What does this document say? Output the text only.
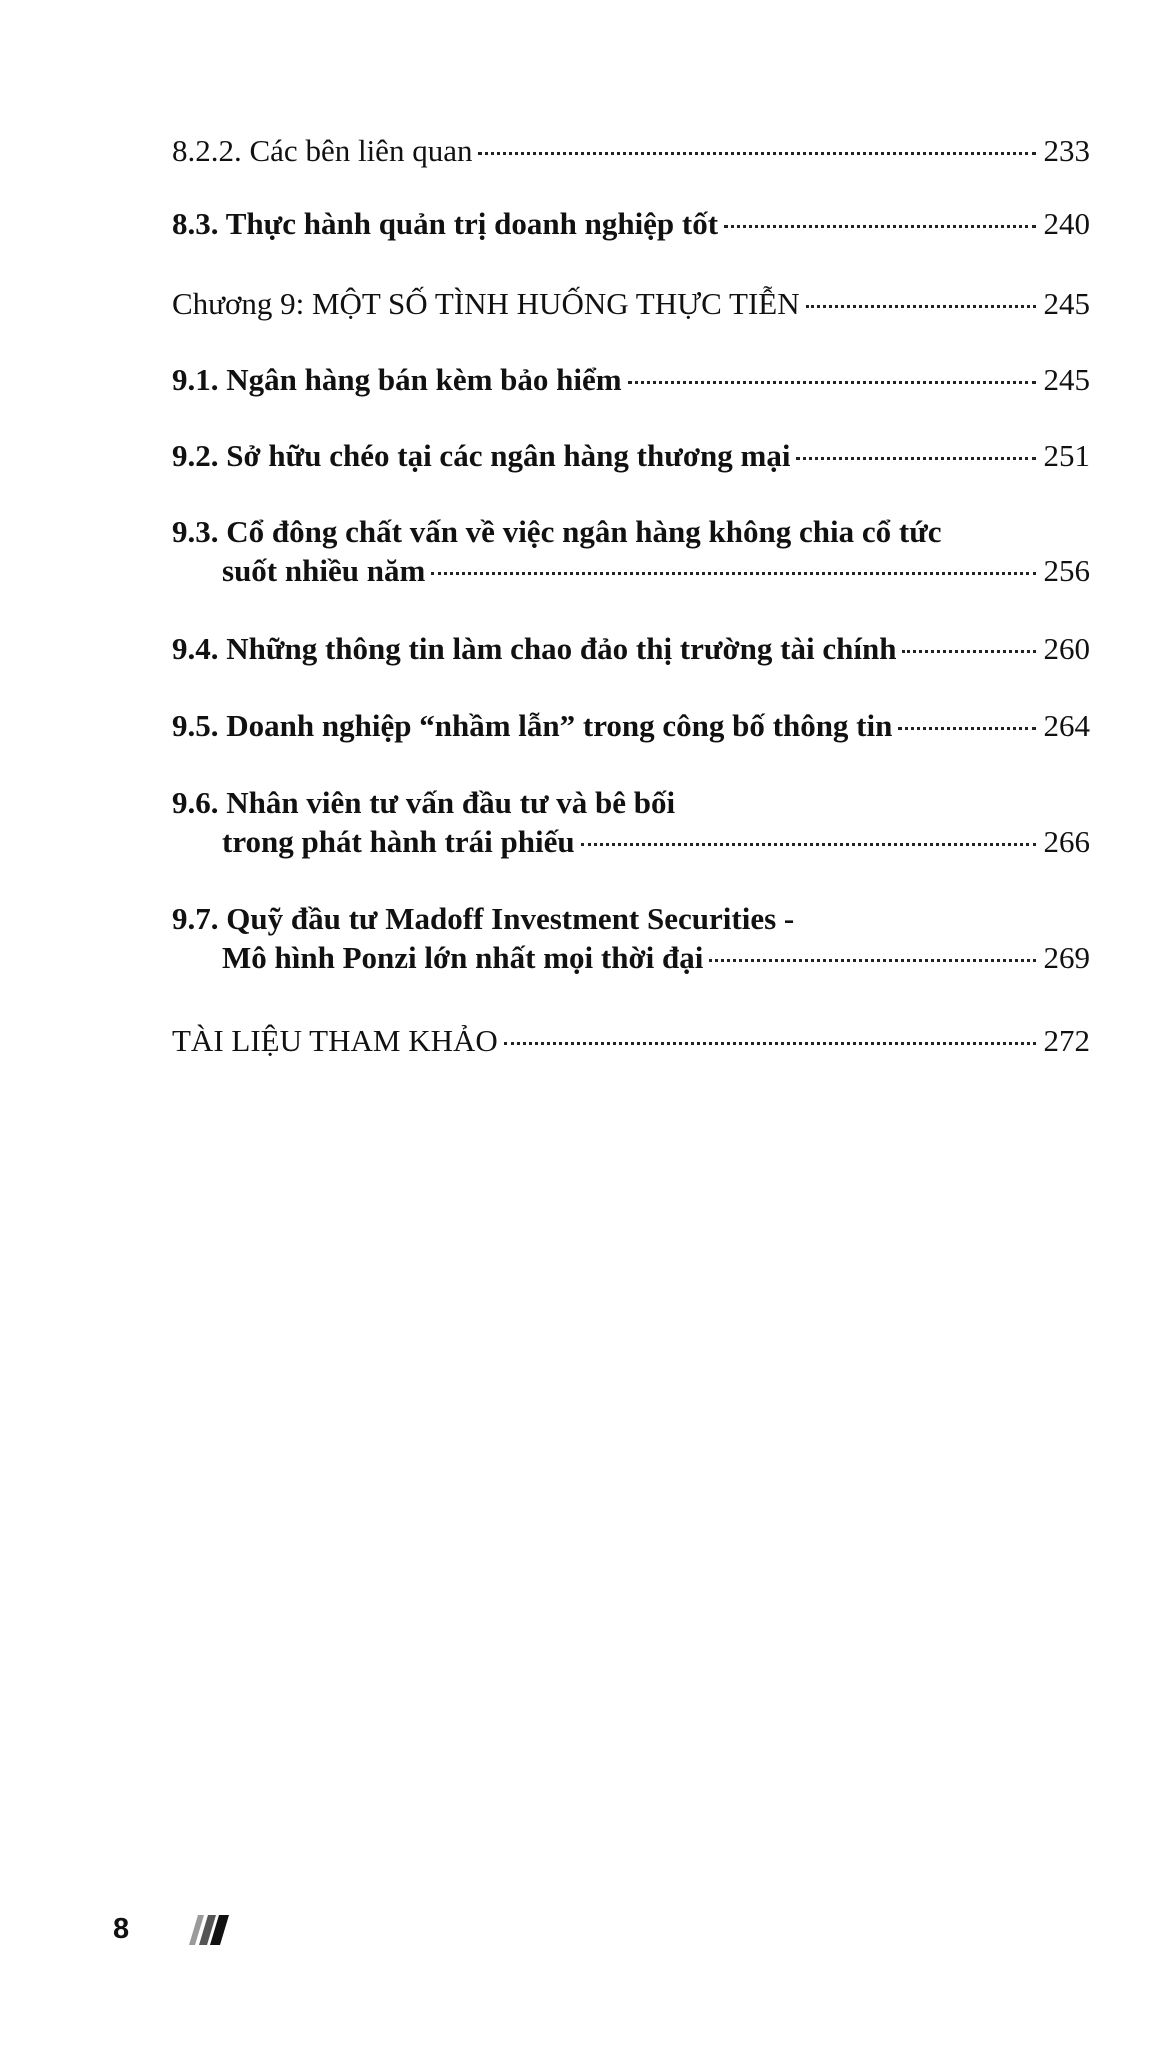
8.2.2. Các bên liên quan	233
8.3. Thực hành quản trị doanh nghiệp tốt	240
Chương 9: MỘT SỐ TÌNH HUỐNG THỰC TIỄN	245
9.1. Ngân hàng bán kèm bảo hiểm	245
9.2. Sở hữu chéo tại các ngân hàng thương mại	251
9.3. Cổ đông chất vấn về việc ngân hàng không chia cổ tức
suốt nhiều năm	256
9.4. Những thông tin làm chao đảo thị trường tài chính	260
9.5. Doanh nghiệp “nhầm lẫn” trong công bố thông tin	264
9.6. Nhân viên tư vấn đầu tư và bê bối
trong phát hành trái phiếu	266
9.7. Quỹ đầu tư Madoff Investment Securities -
Mô hình Ponzi lớn nhất mọi thời đại	269
TÀI LIỆU THAM KHẢO	272
8
